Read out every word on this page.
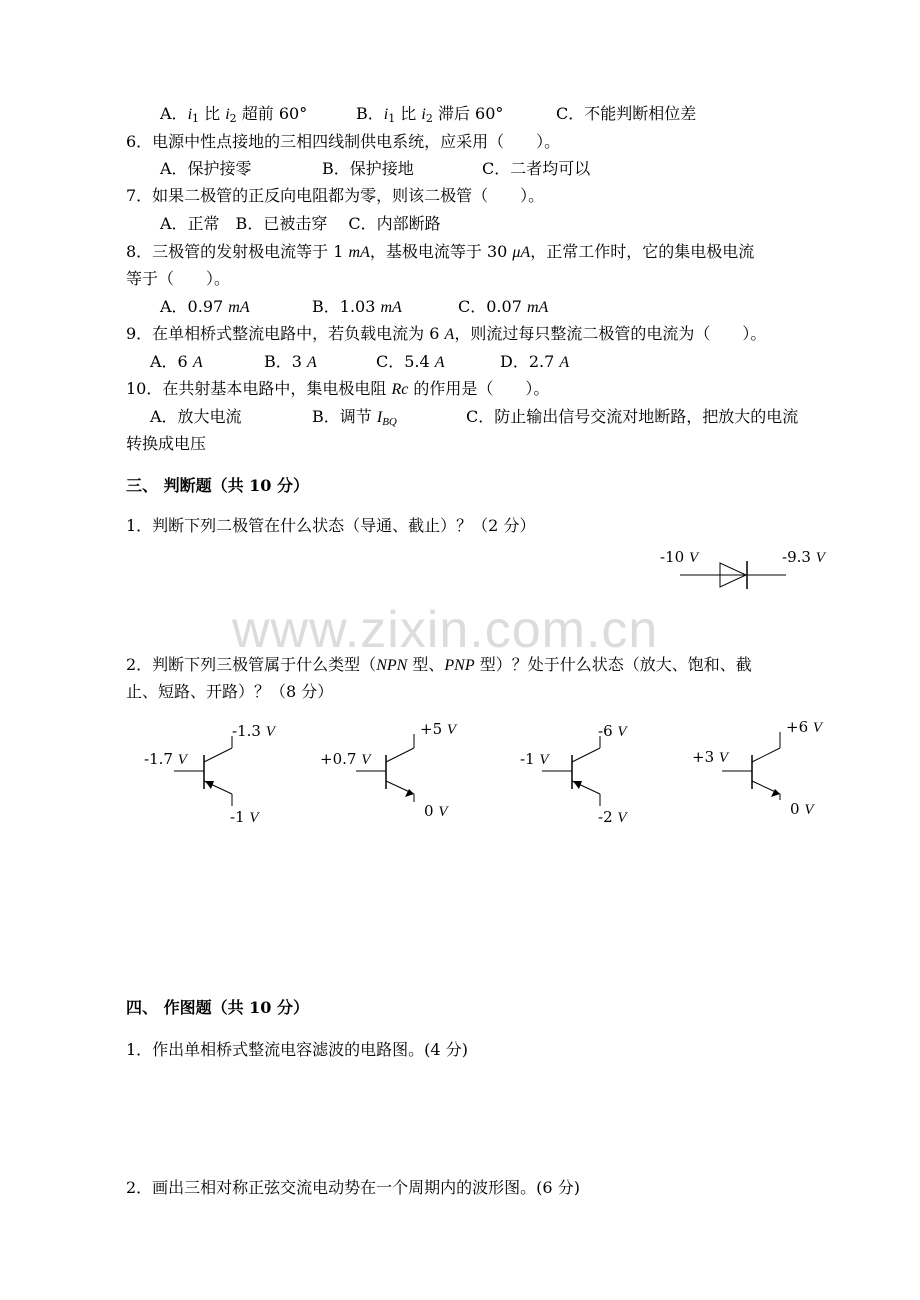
A．$i_1$ 比 $i_2$ 超前 60°	B．$i_1$ 比 $i_2$ 滞后 60°	C．不能判断相位差
6．电源中性点接地的三相四线制供电系统，应采用（　　）。
A．保护接零	B．保护接地	C．二者均可以
7．如果二极管的正反向电阻都为零，则该二极管（　　）。
A．正常　B．已被击穿　 C．内部断路
8．三极管的发射极电流等于 1 mA，基极电流等于 30 μA，正常工作时，它的集电极电流
等于（　　）。
A．0.97 mA	B．1.03 mA	C．0.07 mA
9．在单相桥式整流电路中，若负载电流为 6 A，则流过每只整流二极管的电流为（　　）。
A．6 A	B．3 A	C．5.4 A	D．2.7 A
10．在共射基本电路中，集电极电阻 Rc 的作用是（　　）。
A．放大电流	B．调节 $I_{BQ}$	C．防止输出信号交流对地断路，把放大的电流
转换成电压
三、 判断题（共 10 分）
1．判断下列二极管在什么状态（导通、截止）？（2 分）
-10 V	-9.3 V
www.zixin.com.cn
2．判断下列三极管属于什么类型（NPN 型、PNP 型）？处于什么状态（放大、饱和、截
止、短路、开路）？（8 分）
-1.3 V
-1.7 V
-1 V
+5 V
+0.7 V
0 V
-6 V
-1 V
-2 V
+6 V
+3 V
0 V
四、 作图题（共 10 分）
1．作出单相桥式整流电容滤波的电路图。(4 分)
2．画出三相对称正弦交流电动势在一个周期内的波形图。(6 分)
